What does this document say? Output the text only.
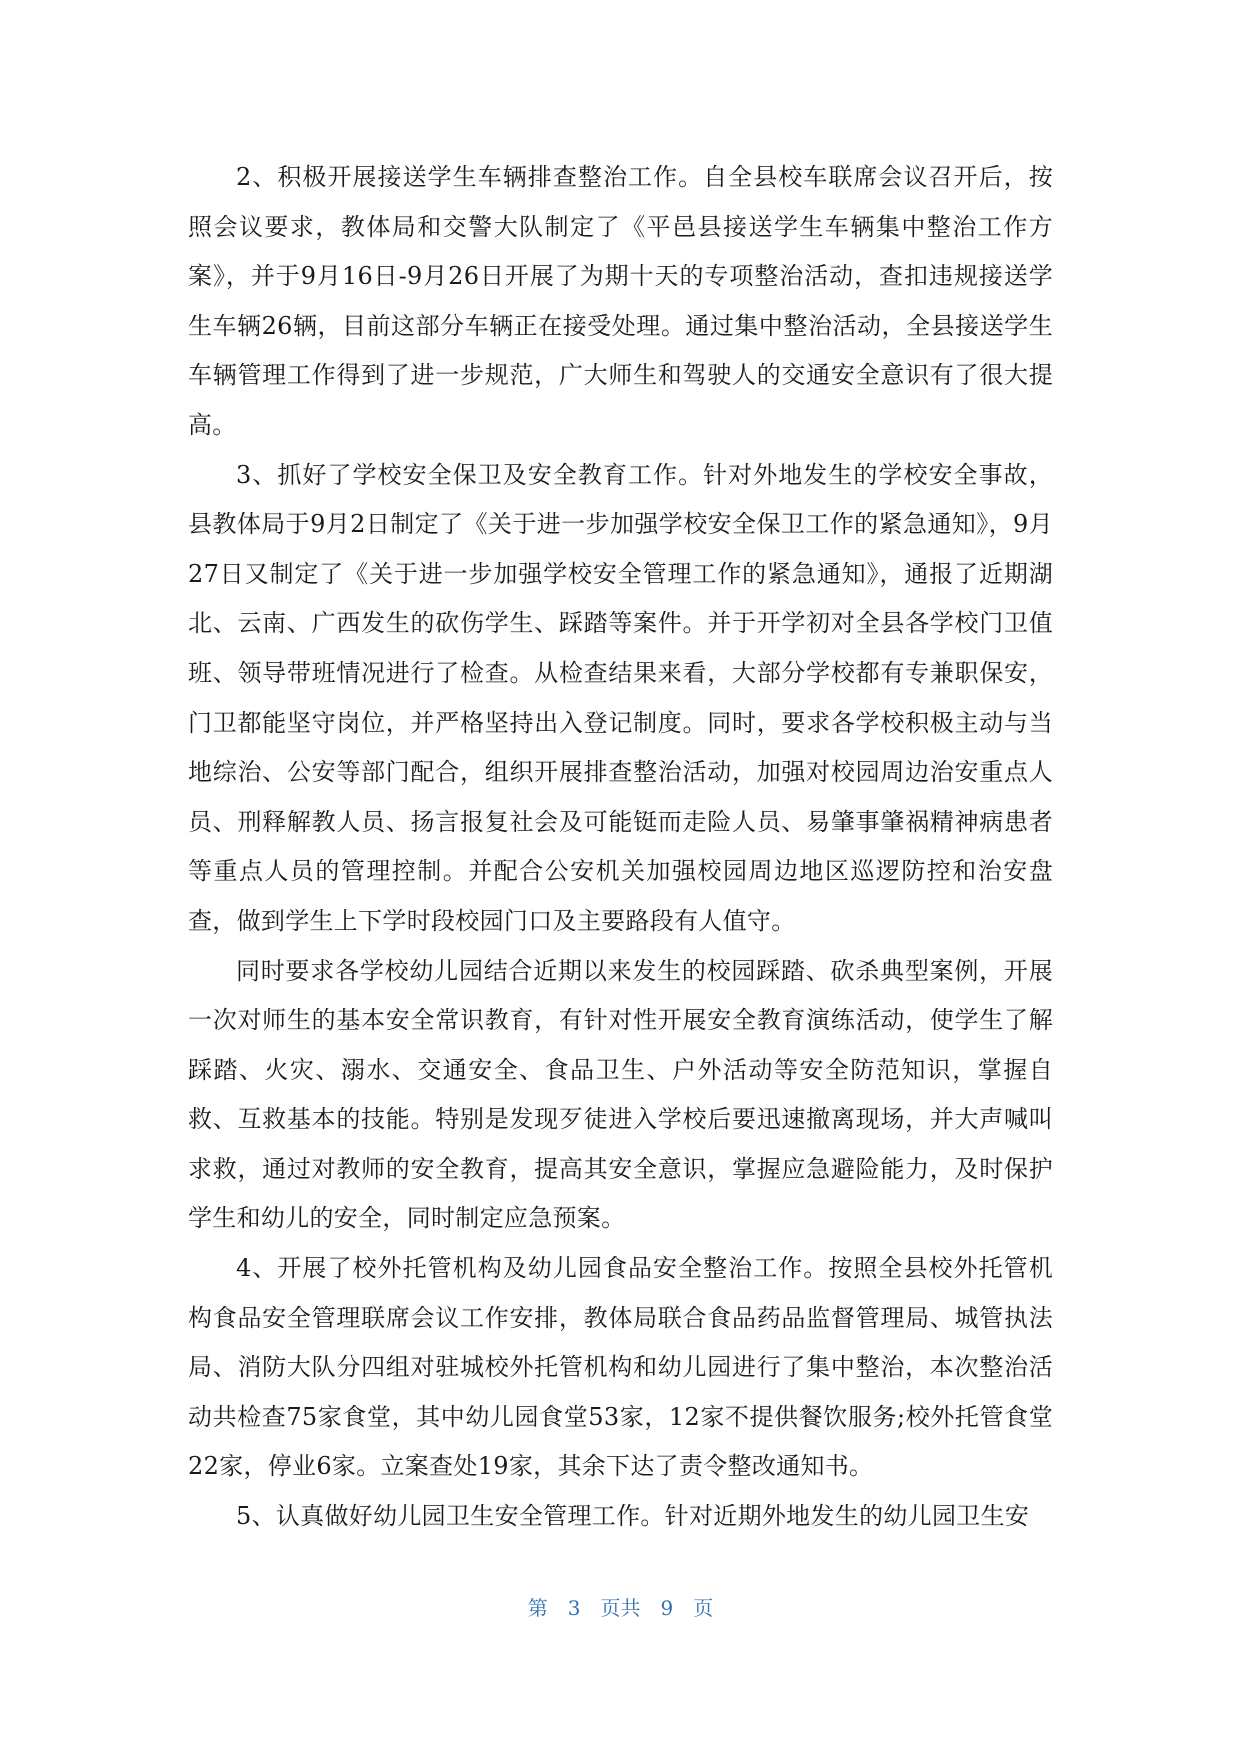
2、积极开展接送学生车辆排查整治工作。自全县校车联席会议召开后，按照会议要求，教体局和交警大队制定了《平邑县接送学生车辆集中整治工作方案》，并于9月16日-9月26日开展了为期十天的专项整治活动，查扣违规接送学生车辆26辆，目前这部分车辆正在接受处理。通过集中整治活动，全县接送学生车辆管理工作得到了进一步规范，广大师生和驾驶人的交通安全意识有了很大提高。

3、抓好了学校安全保卫及安全教育工作。针对外地发生的学校安全事故，县教体局于9月2日制定了《关于进一步加强学校安全保卫工作的紧急通知》，9月27日又制定了《关于进一步加强学校安全管理工作的紧急通知》，通报了近期湖北、云南、广西发生的砍伤学生、踩踏等案件。并于开学初对全县各学校门卫值班、领导带班情况进行了检查。从检查结果来看，大部分学校都有专兼职保安，门卫都能坚守岗位，并严格坚持出入登记制度。同时，要求各学校积极主动与当地综治、公安等部门配合，组织开展排查整治活动，加强对校园周边治安重点人员、刑释解教人员、扬言报复社会及可能铤而走险人员、易肇事肇祸精神病患者等重点人员的管理控制。并配合公安机关加强校园周边地区巡逻防控和治安盘查，做到学生上下学时段校园门口及主要路段有人值守。

同时要求各学校幼儿园结合近期以来发生的校园踩踏、砍杀典型案例，开展一次对师生的基本安全常识教育，有针对性开展安全教育演练活动，使学生了解踩踏、火灾、溺水、交通安全、食品卫生、户外活动等安全防范知识，掌握自救、互救基本的技能。特别是发现歹徒进入学校后要迅速撤离现场，并大声喊叫求救，通过对教师的安全教育，提高其安全意识，掌握应急避险能力，及时保护学生和幼儿的安全，同时制定应急预案。

4、开展了校外托管机构及幼儿园食品安全整治工作。按照全县校外托管机构食品安全管理联席会议工作安排，教体局联合食品药品监督管理局、城管执法局、消防大队分四组对驻城校外托管机构和幼儿园进行了集中整治，本次整治活动共检查75家食堂，其中幼儿园食堂53家，12家不提供餐饮服务;校外托管食堂22家，停业6家。立案查处19家，其余下达了责令整改通知书。

5、认真做好幼儿园卫生安全管理工作。针对近期外地发生的幼儿园卫生安

第 3 页共 9 页
